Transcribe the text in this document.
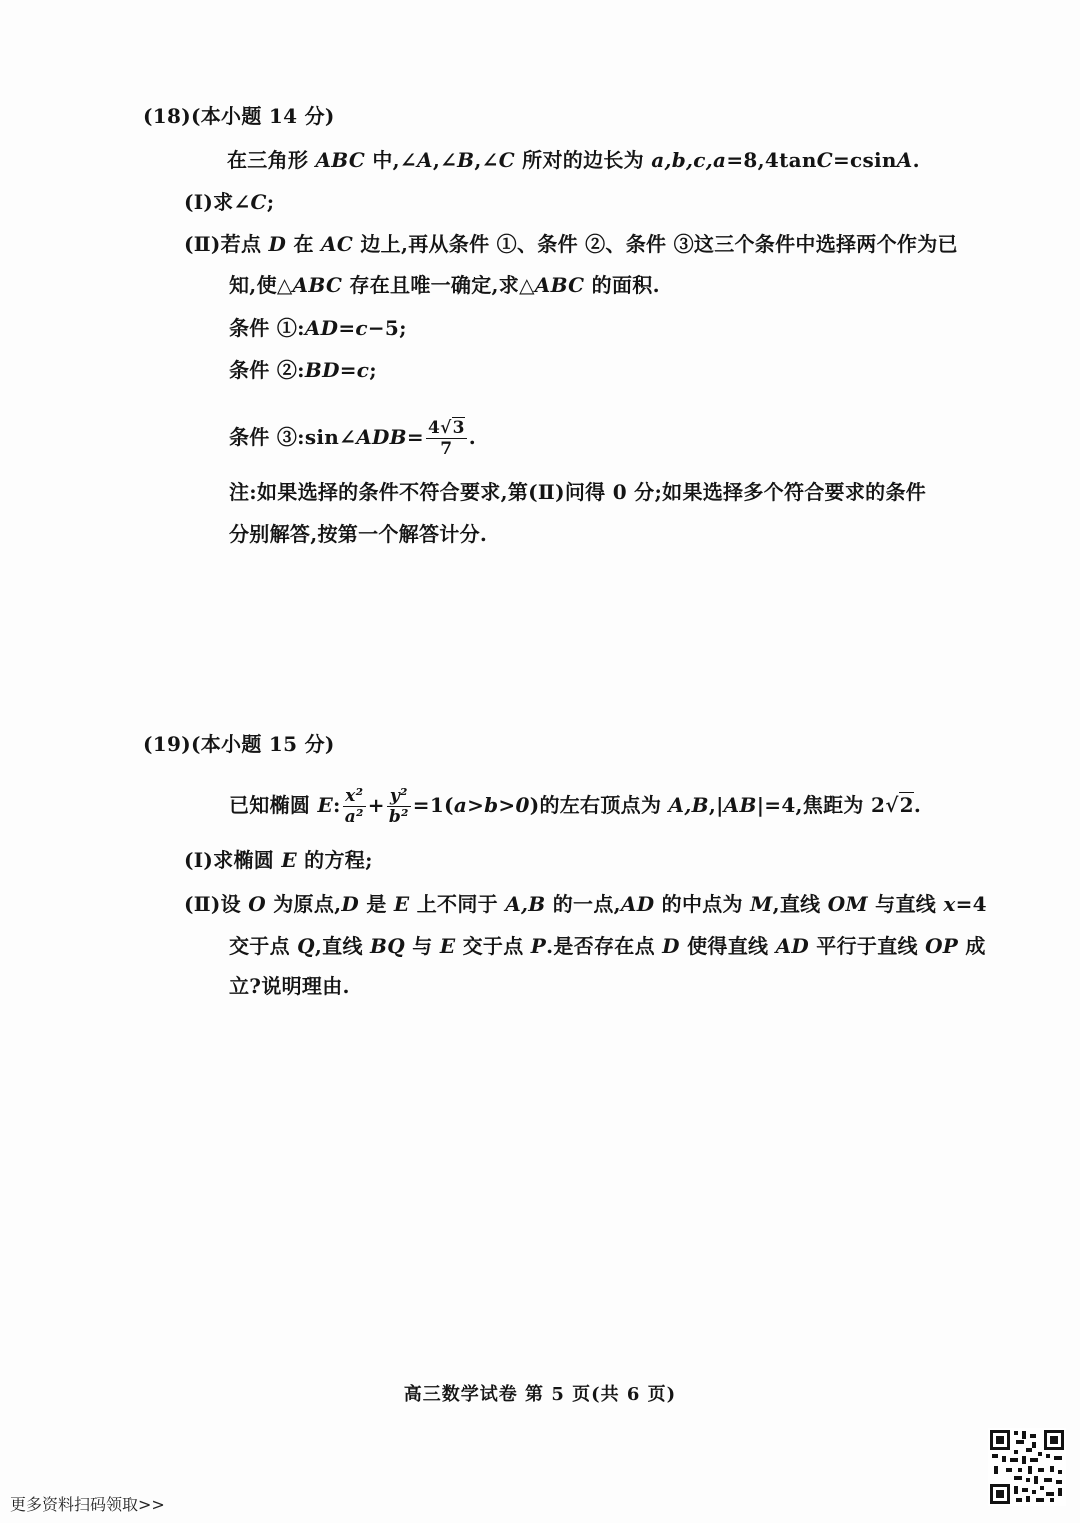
(18)(本小题 14 分)
在三角形 ABC 中,∠A,∠B,∠C 所对的边长为 a,b,c,a=8,4tanC=csinA.
(Ⅰ)求∠C;
(Ⅱ)若点 D 在 AC 边上,再从条件 ①、条件 ②、条件 ③这三个条件中选择两个作为已
知,使△ABC 存在且唯一确定,求△ABC 的面积.
条件 ①:AD=c−5;
条件 ②:BD=c;
条件 ③:sin∠ADB= $\frac{4√3}{7}$ .
注:如果选择的条件不符合要求,第(Ⅱ)问得 0 分;如果选择多个符合要求的条件
分别解答,按第一个解答计分.
(19)(本小题 15 分)
已知椭圆 E: $\frac{\text{x²}}{\text{a²}} + \frac{\text{y²}}{\text{b²}} =1(a>b>0)$的左右顶点为 A,B,|AB|=4,焦距为 2√2.
(Ⅰ)求椭圆 E 的方程;
(Ⅱ)设 O 为原点,D 是 E 上不同于 A,B 的一点,AD 的中点为 M,直线 OM 与直线 x=4
交于点 Q,直线 BQ 与 E 交于点 P.是否存在点 D 使得直线 AD 平行于直线 OP 成
立?说明理由.
高三数学试卷 第 5 页(共 6 页)
更多资料扫码领取>>
